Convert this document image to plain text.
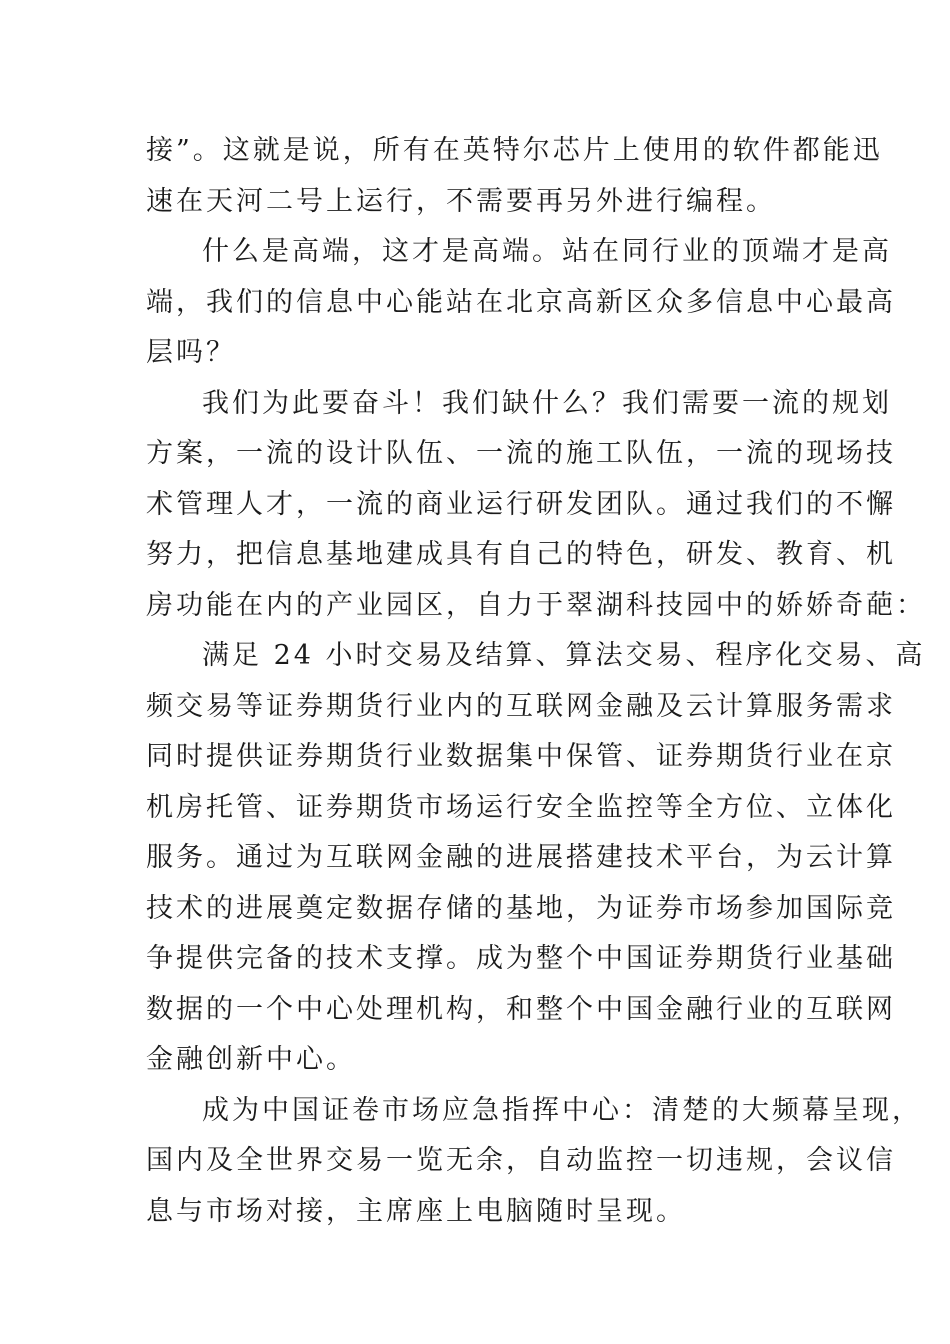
接”。这就是说，所有在英特尔芯片上使用的软件都能迅
速在天河二号上运行，不需要再另外进行编程。
什么是高端，这才是高端。站在同行业的顶端才是高
端，我们的信息中心能站在北京高新区众多信息中心最高
层吗？
我们为此要奋斗！我们缺什么？我们需要一流的规划
方案，一流的设计队伍、一流的施工队伍，一流的现场技
术管理人才，一流的商业运行研发团队。通过我们的不懈
努力，把信息基地建成具有自己的特色，研发、教育、机
房功能在内的产业园区，自力于翠湖科技园中的娇娇奇葩：
满足 24 小时交易及结算、算法交易、程序化交易、高
频交易等证券期货行业内的互联网金融及云计算服务需求
同时提供证券期货行业数据集中保管、证券期货行业在京
机房托管、证券期货市场运行安全监控等全方位、立体化
服务。通过为互联网金融的进展搭建技术平台，为云计算
技术的进展奠定数据存储的基地，为证券市场参加国际竞
争提供完备的技术支撑。成为整个中国证券期货行业基础
数据的一个中心处理机构，和整个中国金融行业的互联网
金融创新中心。
成为中国证卷市场应急指挥中心：清楚的大频幕呈现，
国内及全世界交易一览无余，自动监控一切违规，会议信
息与市场对接，主席座上电脑随时呈现。
